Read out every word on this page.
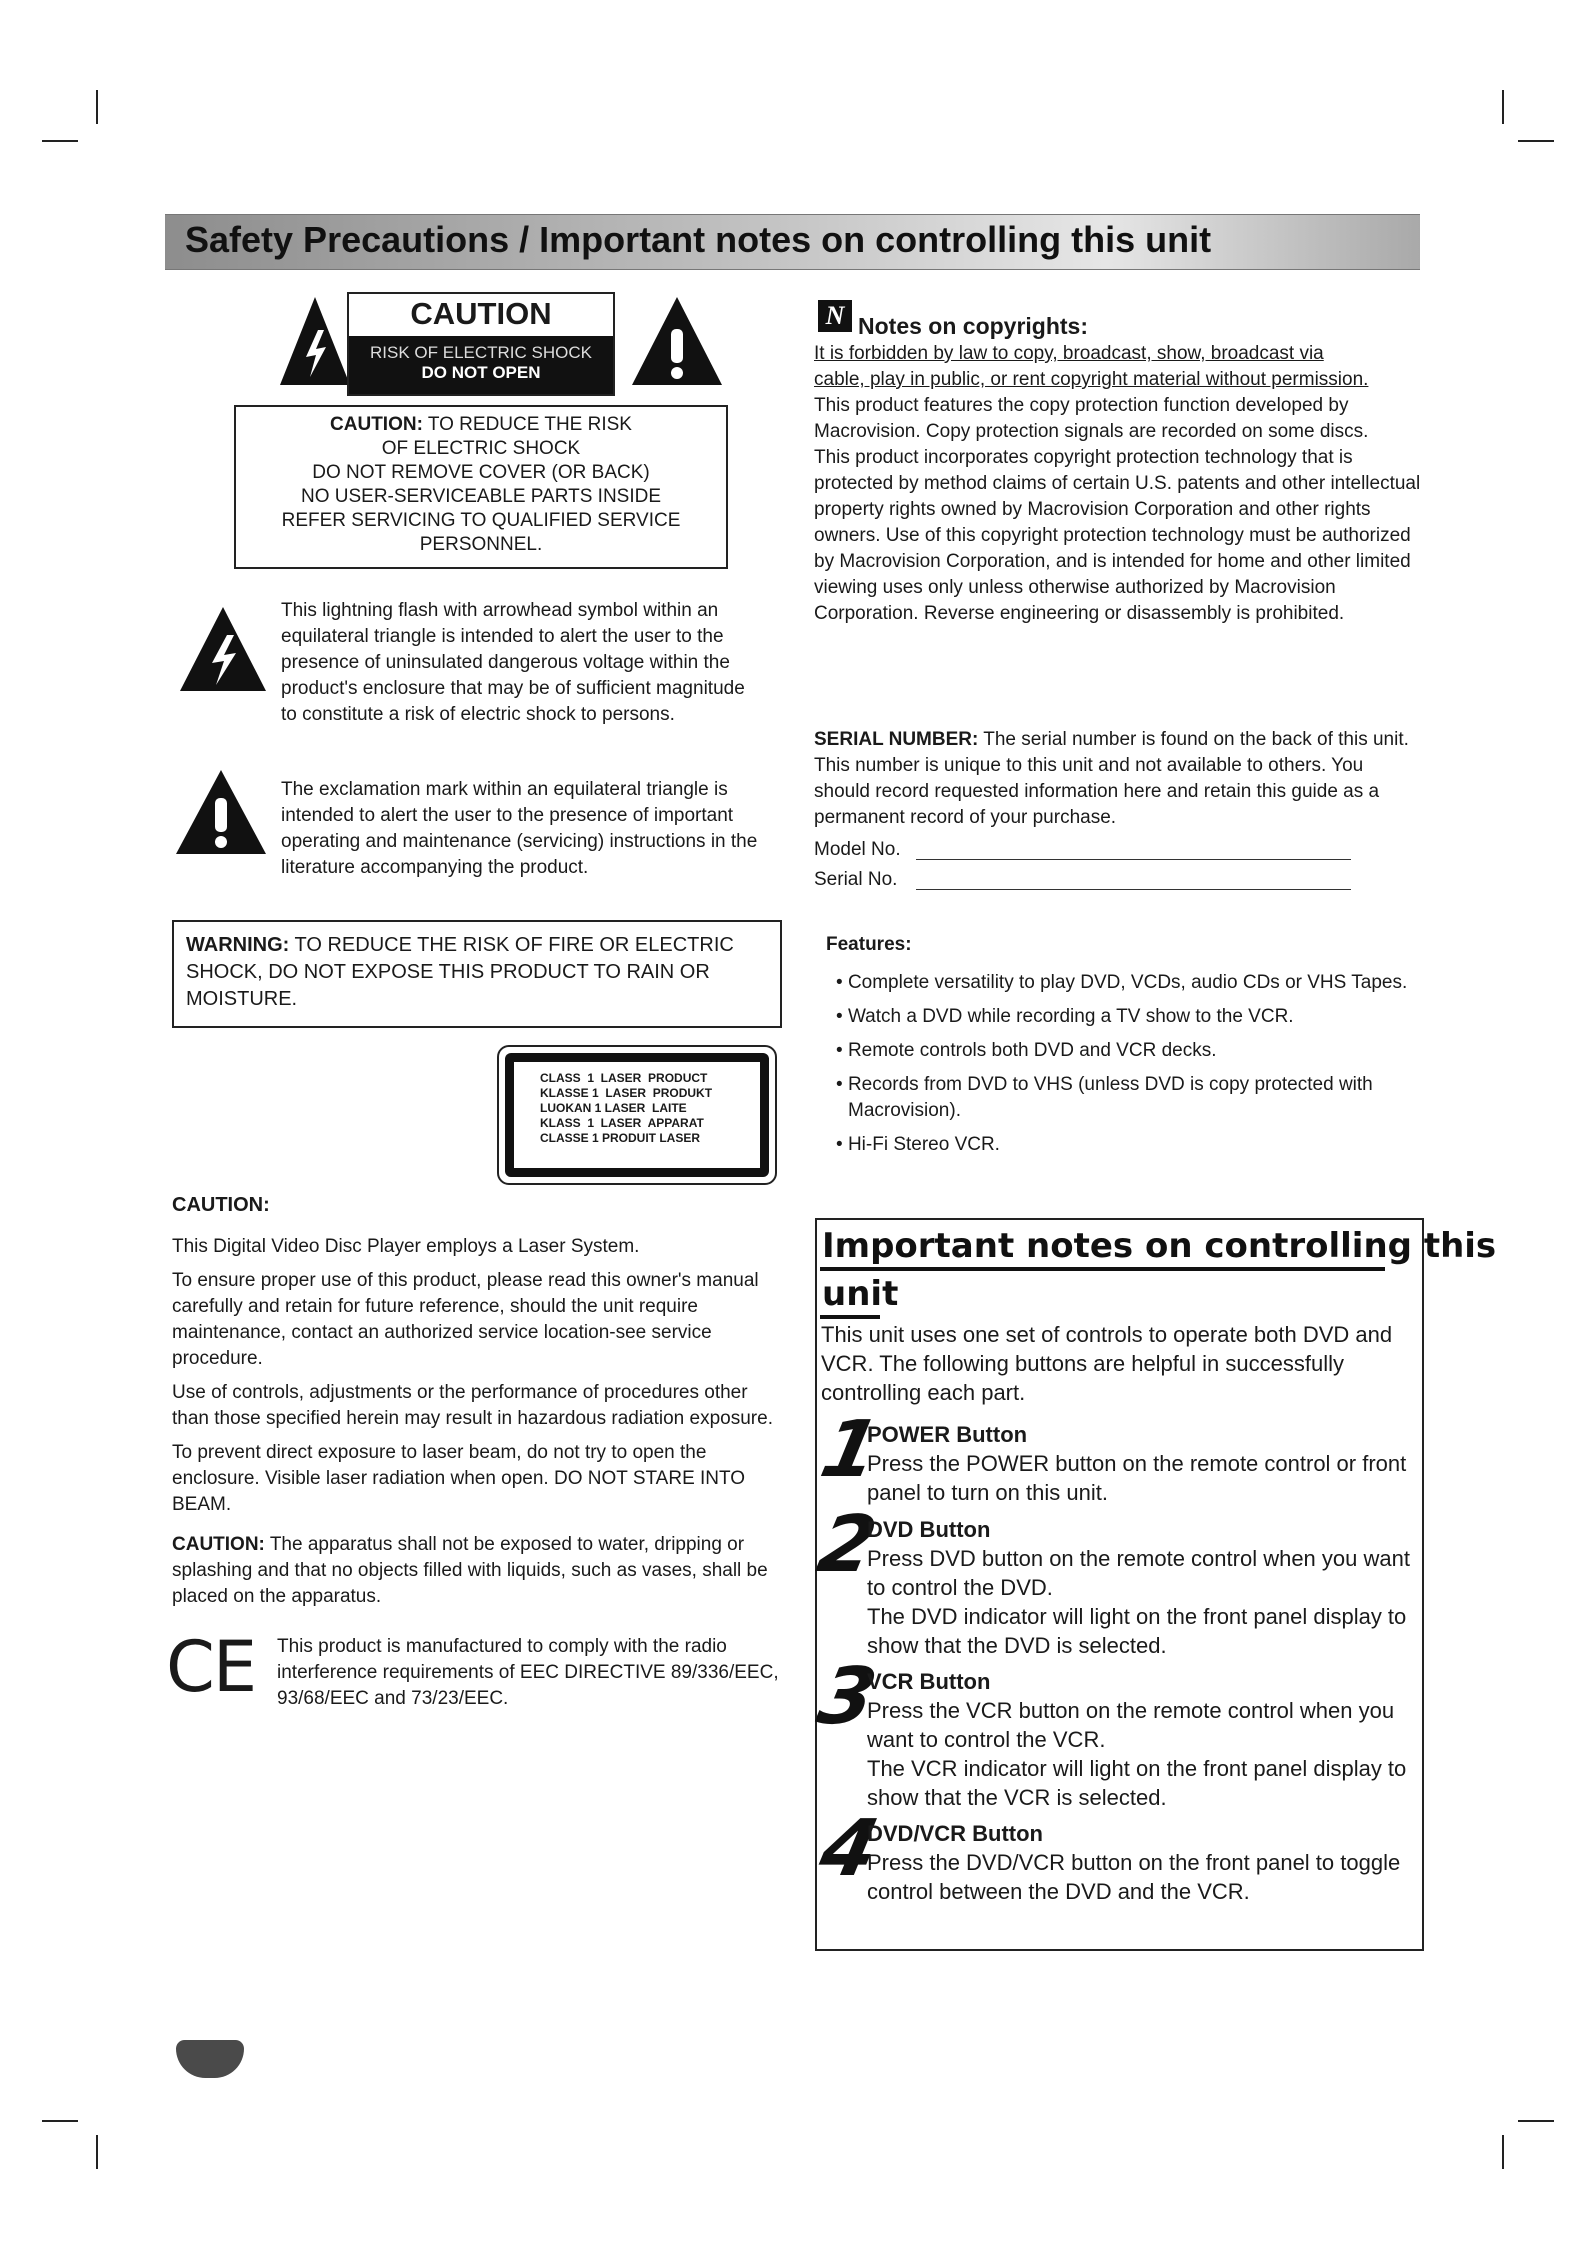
Safety Precautions / Important notes on controlling this unit
CAUTION
RISK OF ELECTRIC SHOCK
DO NOT OPEN
CAUTION: TO REDUCE THE RISK
OF ELECTRIC SHOCK
DO NOT REMOVE COVER (OR BACK)
NO USER-SERVICEABLE PARTS INSIDE
REFER SERVICING TO QUALIFIED SERVICE
PERSONNEL.

This lightning flash with arrowhead symbol within an equilateral triangle is intended to alert the user to the presence of uninsulated dangerous voltage within the product's enclosure that may be of sufficient magnitude to constitute a risk of electric shock to persons.

The exclamation mark within an equilateral triangle is intended to alert the user to the presence of important operating and maintenance (servicing) instructions in the literature accompanying the product.

WARNING: TO REDUCE THE RISK OF FIRE OR ELECTRIC SHOCK, DO NOT EXPOSE THIS PRODUCT TO RAIN OR MOISTURE.
CLASS  1  LASER  PRODUCT
KLASSE 1  LASER  PRODUKT
LUOKAN 1 LASER  LAITE
KLASS  1  LASER  APPARAT
CLASSE 1 PRODUIT LASER

CAUTION:

This Digital Video Disc Player employs a Laser System.

To ensure proper use of this product, please read this owner's manual carefully and retain for future reference, should the unit require maintenance, contact an authorized service location-see service procedure.

Use of controls, adjustments or the performance of procedures other than those specified herein may result in hazardous radiation exposure.

To prevent direct exposure to laser beam, do not try to open the enclosure. Visible laser radiation when open. DO NOT STARE INTO BEAM.

CAUTION: The apparatus shall not be exposed to water, dripping or splashing and that no objects filled with liquids, such as vases, shall be placed on the apparatus.

CE This product is manufactured to comply with the radio interference requirements of EEC DIRECTIVE 89/336/EEC, 93/68/EEC and 73/23/EEC.

N Notes on copyrights:

It is forbidden by law to copy, broadcast, show, broadcast via cable, play in public, or rent copyright material without permission.

This product features the copy protection function developed by Macrovision. Copy protection signals are recorded on some discs.

This product incorporates copyright protection technology that is protected by method claims of certain U.S. patents and other intellectual property rights owned by Macrovision Corporation and other rights owners. Use of this copyright protection technology must be authorized by Macrovision Corporation, and is intended for home and other limited viewing uses only unless otherwise authorized by Macrovision Corporation. Reverse engineering or disassembly is prohibited.

SERIAL NUMBER: The serial number is found on the back of this unit. This number is unique to this unit and not available to others. You should record requested information here and retain this guide as a permanent record of your purchase.

Model No.
Serial No.

Features:

• Complete versatility to play DVD, VCDs, audio CDs or VHS Tapes.
• Watch a DVD while recording a TV show to the VCR.
• Remote controls both DVD and VCR decks.
• Records from DVD to VHS (unless DVD is copy protected with Macrovision).
• Hi-Fi Stereo VCR.
Important notes on controlling this
unit

This unit uses one set of controls to operate both DVD and VCR. The following buttons are helpful in successfully controlling each part.

1
POWER Button
Press the POWER button on the remote control or front panel to turn on this unit.
2
DVD Button
Press DVD button on the remote control when you want to control the DVD.
The DVD indicator will light on the front panel display to show that the DVD is selected.
3
VCR Button
Press the VCR button on the remote control when you want to control the VCR.
The VCR indicator will light on the front panel display to show that the VCR is selected.
4
DVD/VCR Button
Press the DVD/VCR button on the front panel to toggle control between the DVD and the VCR.
